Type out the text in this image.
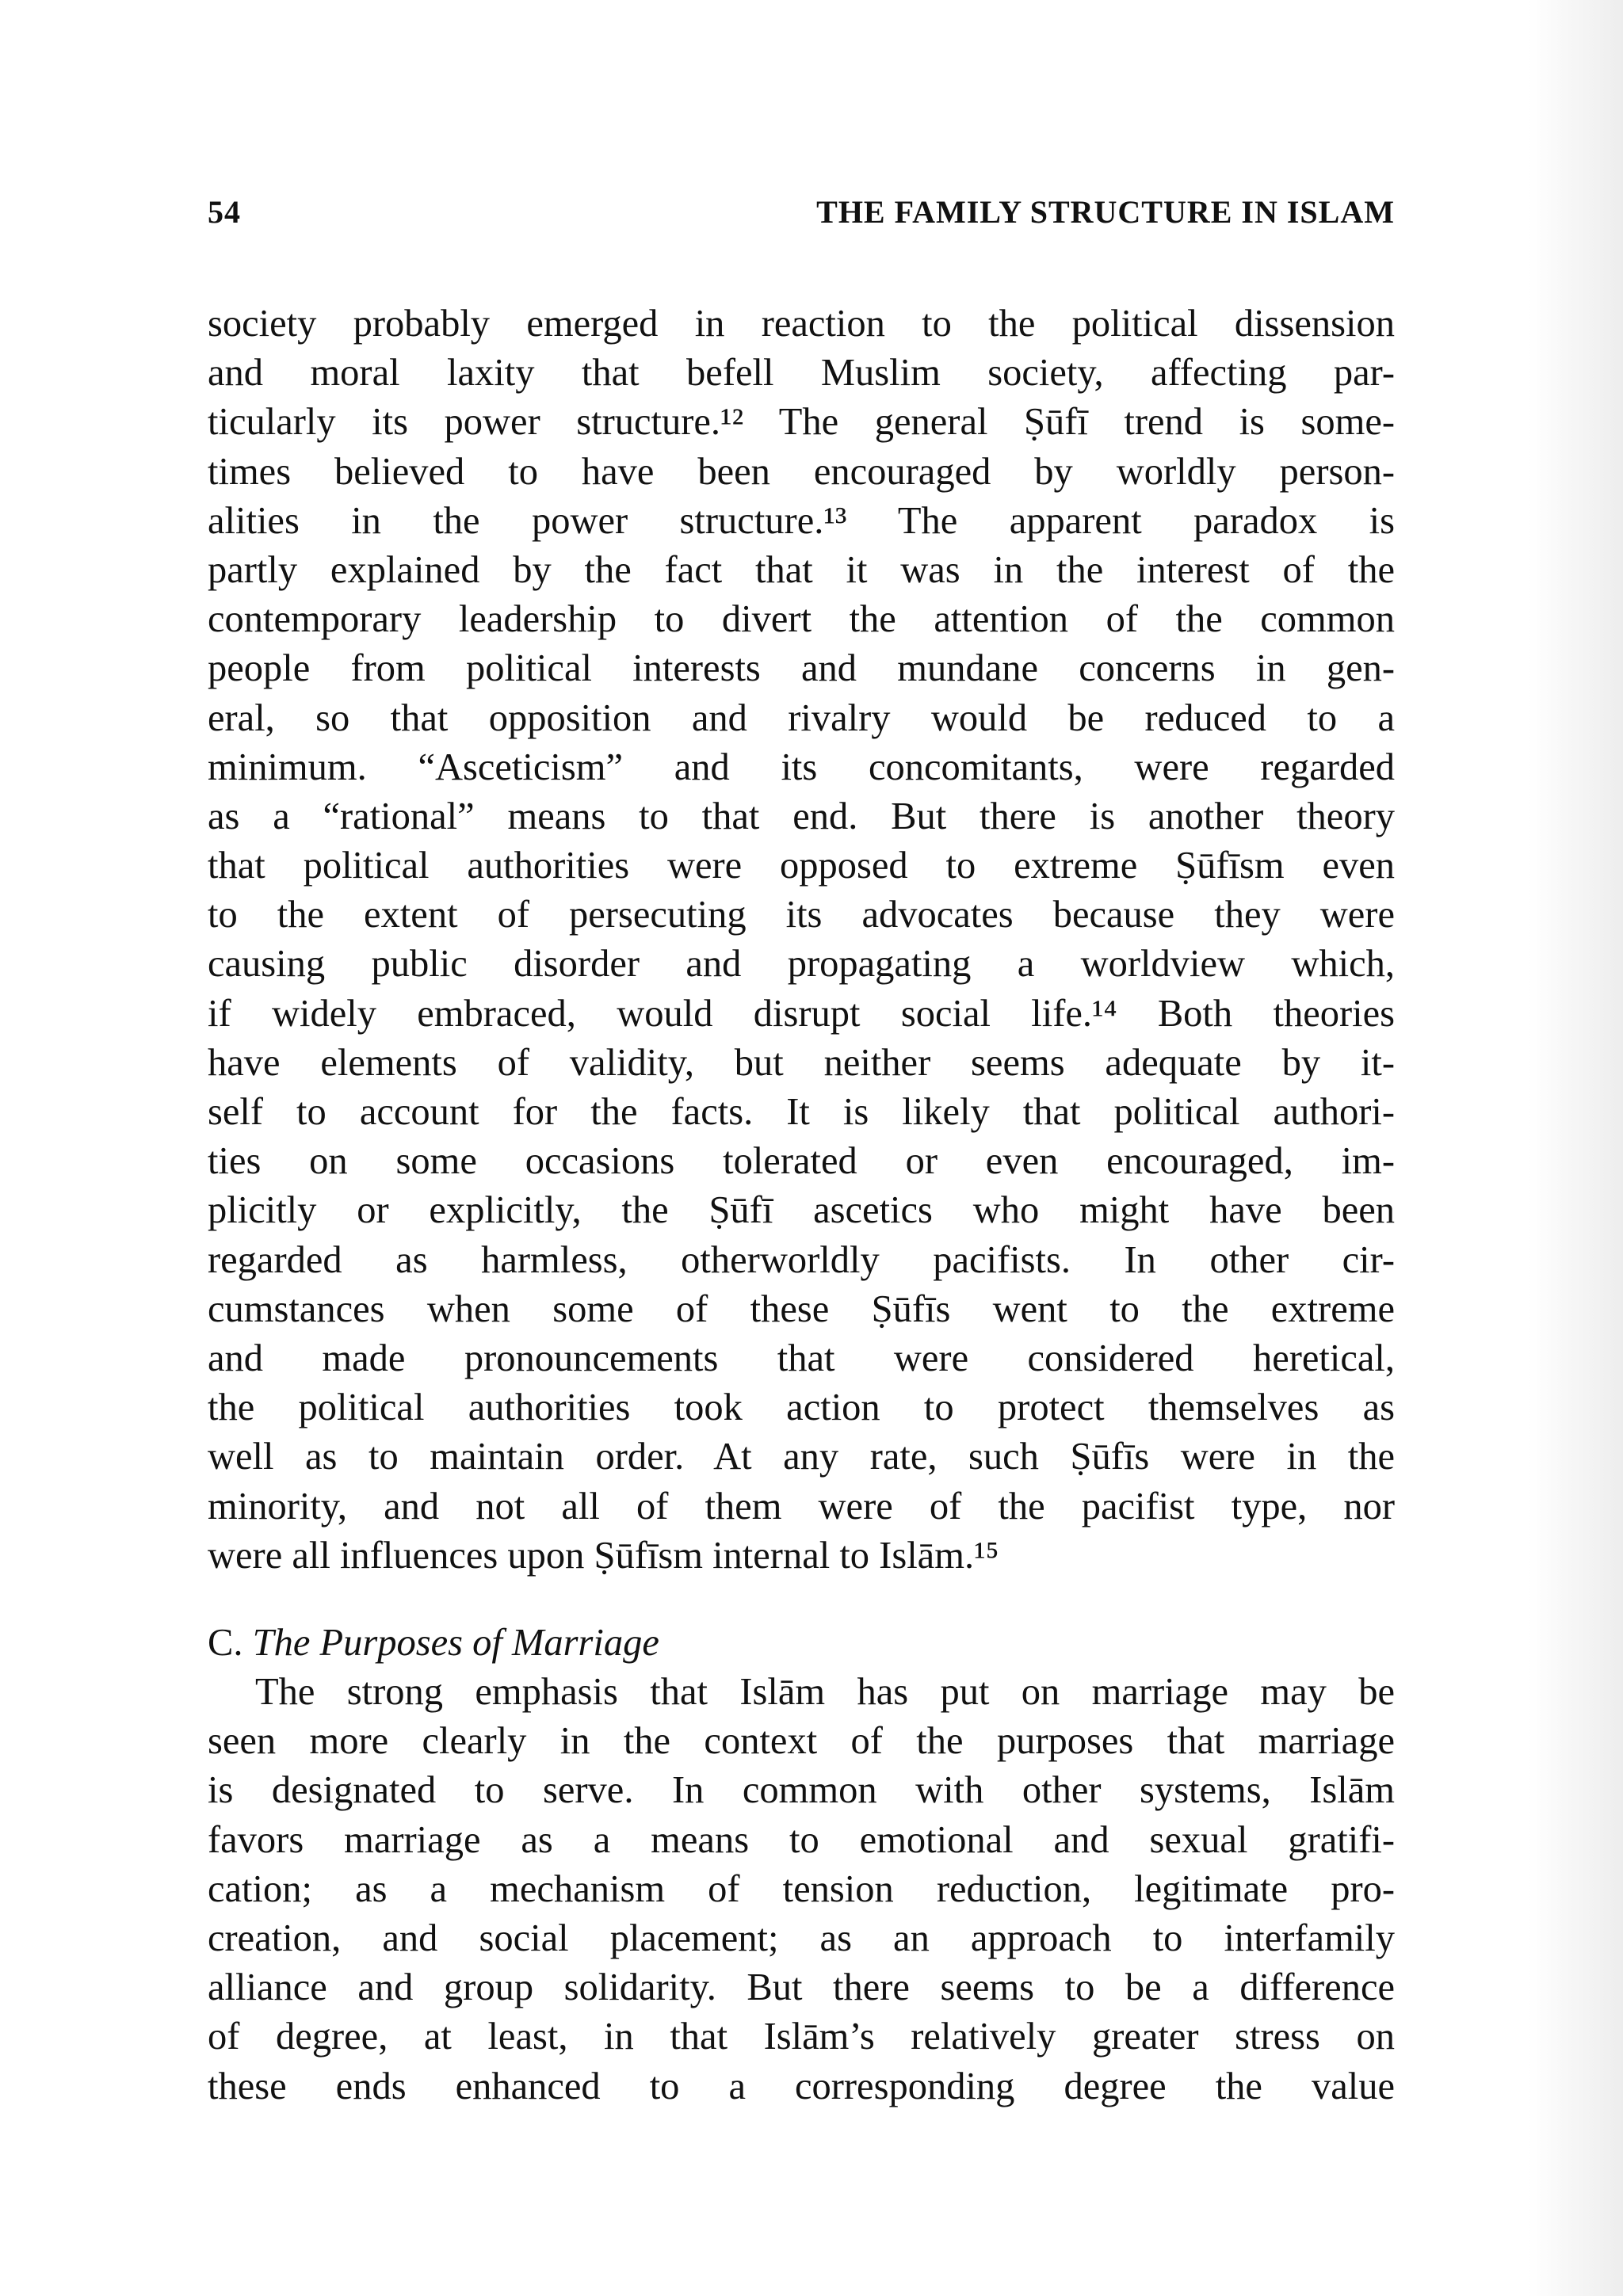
54	THE FAMILY STRUCTURE IN ISLAM
society probably emerged in reaction to the political dissension
and moral laxity that befell Muslim society, affecting par-
ticularly its power structure.¹² The general Ṣūfī trend is some-
times believed to have been encouraged by worldly person-
alities in the power structure.¹³ The apparent paradox is
partly explained by the fact that it was in the interest of the
contemporary leadership to divert the attention of the common
people from political interests and mundane concerns in gen-
eral, so that opposition and rivalry would be reduced to a
minimum. “Asceticism” and its concomitants, were regarded
as a “rational” means to that end. But there is another theory
that political authorities were opposed to extreme Ṣūfīsm even
to the extent of persecuting its advocates because they were
causing public disorder and propagating a worldview which,
if widely embraced, would disrupt social life.¹⁴ Both theories
have elements of validity, but neither seems adequate by it-
self to account for the facts. It is likely that political authori-
ties on some occasions tolerated or even encouraged, im-
plicitly or explicitly, the Ṣūfī ascetics who might have been
regarded as harmless, otherworldly pacifists. In other cir-
cumstances when some of these Ṣūfīs went to the extreme
and made pronouncements that were considered heretical,
the political authorities took action to protect themselves as
well as to maintain order. At any rate, such Ṣūfīs were in the
minority, and not all of them were of the pacifist type, nor
were all influences upon Ṣūfīsm internal to Islām.¹⁵
C. The Purposes of Marriage
The strong emphasis that Islām has put on marriage may be
seen more clearly in the context of the purposes that marriage
is designated to serve. In common with other systems, Islām
favors marriage as a means to emotional and sexual gratifi-
cation; as a mechanism of tension reduction, legitimate pro-
creation, and social placement; as an approach to interfamily
alliance and group solidarity. But there seems to be a difference
of degree, at least, in that Islām’s relatively greater stress on
these ends enhanced to a corresponding degree the value
